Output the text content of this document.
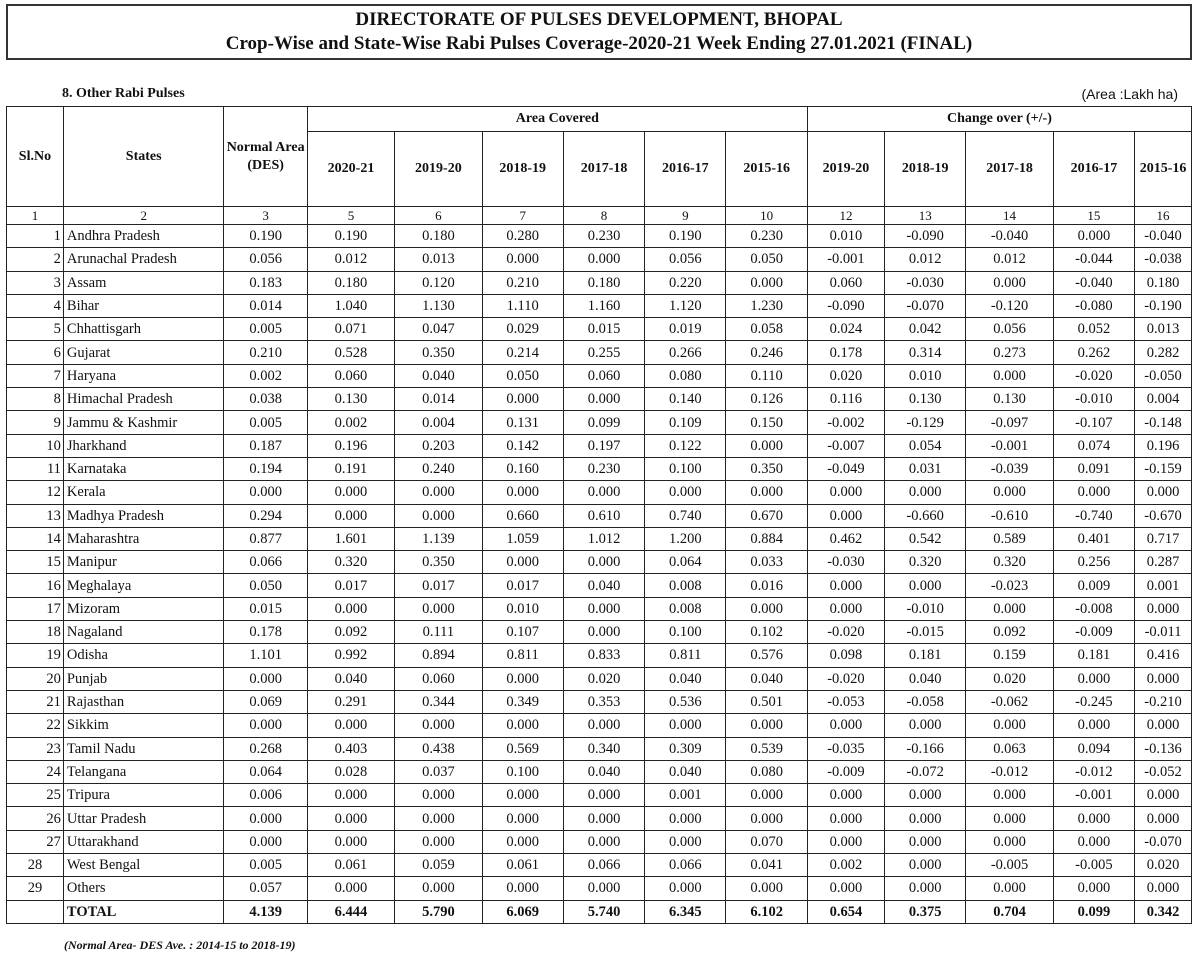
DIRECTORATE OF PULSES DEVELOPMENT, BHOPAL
Crop-Wise and State-Wise Rabi Pulses Coverage-2020-21 Week Ending 27.01.2021 (FINAL)
8. Other Rabi Pulses	(Area :Lakh ha)
Sl.No	States	Normal Area (DES)	Area Covered						Change over (+/-)				
			2020-21	2019-20	2018-19	2017-18	2016-17	2015-16	2019-20	2018-19	2017-18	2016-17	2015-16
1	2	3	5	6	7	8	9	10	12	13	14	15	16
1	Andhra Pradesh	0.190	0.190	0.180	0.280	0.230	0.190	0.230	0.010	-0.090	-0.040	0.000	-0.040
2	Arunachal Pradesh	0.056	0.012	0.013	0.000	0.000	0.056	0.050	-0.001	0.012	0.012	-0.044	-0.038
3	Assam	0.183	0.180	0.120	0.210	0.180	0.220	0.000	0.060	-0.030	0.000	-0.040	0.180
4	Bihar	0.014	1.040	1.130	1.110	1.160	1.120	1.230	-0.090	-0.070	-0.120	-0.080	-0.190
5	Chhattisgarh	0.005	0.071	0.047	0.029	0.015	0.019	0.058	0.024	0.042	0.056	0.052	0.013
6	Gujarat	0.210	0.528	0.350	0.214	0.255	0.266	0.246	0.178	0.314	0.273	0.262	0.282
7	Haryana	0.002	0.060	0.040	0.050	0.060	0.080	0.110	0.020	0.010	0.000	-0.020	-0.050
8	Himachal Pradesh	0.038	0.130	0.014	0.000	0.000	0.140	0.126	0.116	0.130	0.130	-0.010	0.004
9	Jammu & Kashmir	0.005	0.002	0.004	0.131	0.099	0.109	0.150	-0.002	-0.129	-0.097	-0.107	-0.148
10	Jharkhand	0.187	0.196	0.203	0.142	0.197	0.122	0.000	-0.007	0.054	-0.001	0.074	0.196
11	Karnataka	0.194	0.191	0.240	0.160	0.230	0.100	0.350	-0.049	0.031	-0.039	0.091	-0.159
12	Kerala	0.000	0.000	0.000	0.000	0.000	0.000	0.000	0.000	0.000	0.000	0.000	0.000
13	Madhya Pradesh	0.294	0.000	0.000	0.660	0.610	0.740	0.670	0.000	-0.660	-0.610	-0.740	-0.670
14	Maharashtra	0.877	1.601	1.139	1.059	1.012	1.200	0.884	0.462	0.542	0.589	0.401	0.717
15	Manipur	0.066	0.320	0.350	0.000	0.000	0.064	0.033	-0.030	0.320	0.320	0.256	0.287
16	Meghalaya	0.050	0.017	0.017	0.017	0.040	0.008	0.016	0.000	0.000	-0.023	0.009	0.001
17	Mizoram	0.015	0.000	0.000	0.010	0.000	0.008	0.000	0.000	-0.010	0.000	-0.008	0.000
18	Nagaland	0.178	0.092	0.111	0.107	0.000	0.100	0.102	-0.020	-0.015	0.092	-0.009	-0.011
19	Odisha	1.101	0.992	0.894	0.811	0.833	0.811	0.576	0.098	0.181	0.159	0.181	0.416
20	Punjab	0.000	0.040	0.060	0.000	0.020	0.040	0.040	-0.020	0.040	0.020	0.000	0.000
21	Rajasthan	0.069	0.291	0.344	0.349	0.353	0.536	0.501	-0.053	-0.058	-0.062	-0.245	-0.210
22	Sikkim	0.000	0.000	0.000	0.000	0.000	0.000	0.000	0.000	0.000	0.000	0.000	0.000
23	Tamil Nadu	0.268	0.403	0.438	0.569	0.340	0.309	0.539	-0.035	-0.166	0.063	0.094	-0.136
24	Telangana	0.064	0.028	0.037	0.100	0.040	0.040	0.080	-0.009	-0.072	-0.012	-0.012	-0.052
25	Tripura	0.006	0.000	0.000	0.000	0.000	0.001	0.000	0.000	0.000	0.000	-0.001	0.000
26	Uttar Pradesh	0.000	0.000	0.000	0.000	0.000	0.000	0.000	0.000	0.000	0.000	0.000	0.000
27	Uttarakhand	0.000	0.000	0.000	0.000	0.000	0.000	0.070	0.000	0.000	0.000	0.000	-0.070
28	West Bengal	0.005	0.061	0.059	0.061	0.066	0.066	0.041	0.002	0.000	-0.005	-0.005	0.020
29	Others	0.057	0.000	0.000	0.000	0.000	0.000	0.000	0.000	0.000	0.000	0.000	0.000
	TOTAL	4.139	6.444	5.790	6.069	5.740	6.345	6.102	0.654	0.375	0.704	0.099	0.342
(Normal Area- DES Ave. : 2014-15 to 2018-19)
